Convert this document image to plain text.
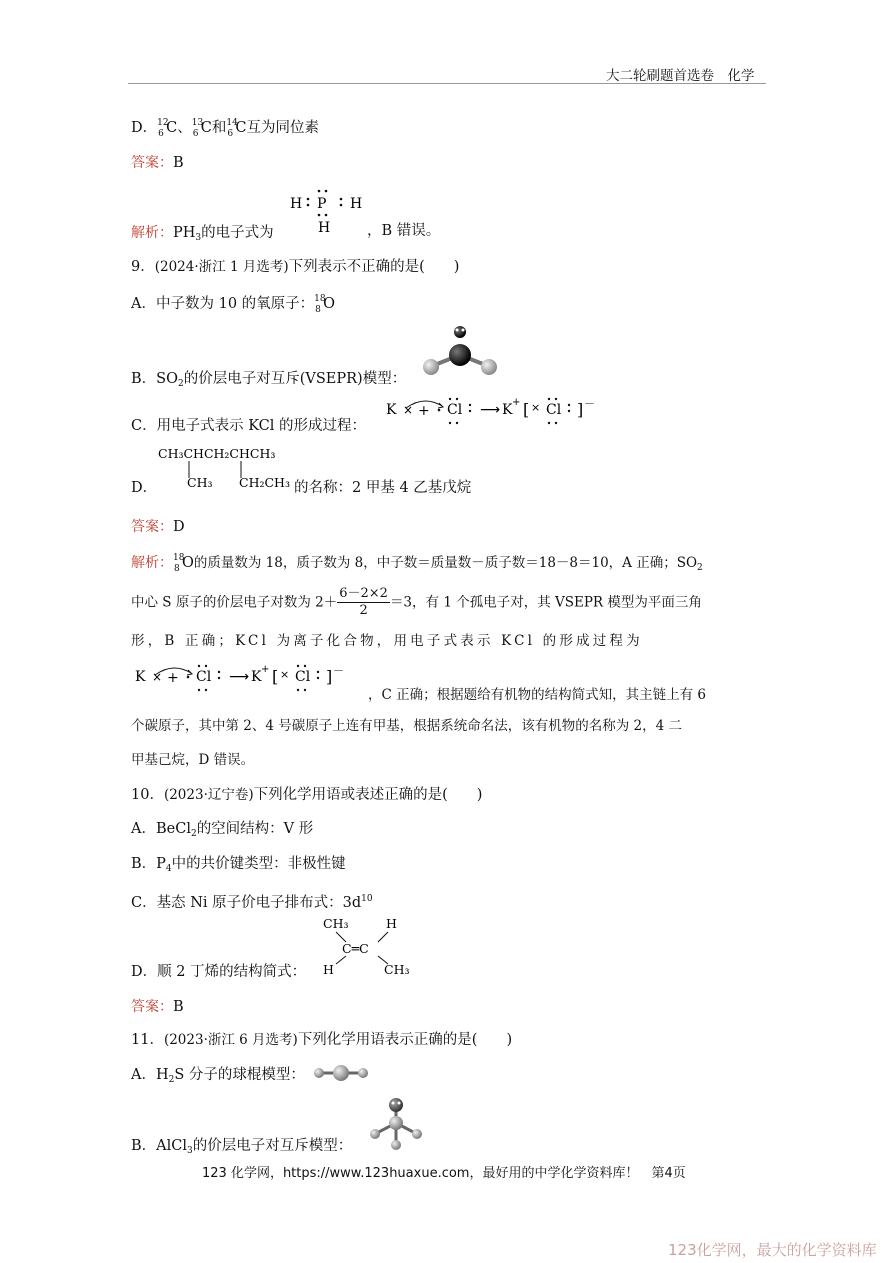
大二轮刷题首选卷　化学
D． 12
6 C、 13
6 C和 14
6 C互为同位素
答案：B
H P H
H
解析：$PH_3$的电子式为	，B 错误。
9．(2024·浙江 1 月选考)下列表示不正确的是(　　)
A．中子数为 10 的氧原子： 18
8 O
B．$SO_2$的价层电子对互斥(VSEPR)模型：
C．用电子式表示 KCl 的形成过程：
K × + Cl ⟶ K + [ × Cl ] －
CH₃CHCH₂CHCH₃
CH₃ CH₂CH₃
D．	的名称：2 甲基 4 乙基戊烷
答案：D
解析： 18
8 O的质量数为 18，质子数为 8，中子数＝质量数－质子数＝18－8＝10，A 正确；$SO_2$
中心 S 原子的价层电子对数为 $2+ \frac{6-2\times 2}{2} =3$，有 1 个孤电子对，其 VSEPR 模型为平面三角
形，B 正确；KCl 为离子化合物，用电子式表示 KCl 的形成过程为
K × + Cl ⟶ K + [ × Cl ] －
，C 正确；根据题给有机物的结构简式知，其主链上有 6
个碳原子，其中第 2、4 号碳原子上连有甲基，根据系统命名法，该有机物的名称为 2，4 二
甲基己烷，D 错误。
10．(2023·辽宁卷)下列化学用语或表述正确的是(　　)
A．BeCl$_2$的空间结构：V 形
B．$P_4$中的共价键类型：非极性键
C．基态 Ni 原子价电子排布式：$3d^{10}$
CH₃	H
C═C
H	CH₃
D．顺 2 丁烯的结构简式：
答案：B
11．(2023·浙江 6 月选考)下列化学用语表示正确的是(　　)
A．$H_2S$ 分子的球棍模型：
B．AlCl$_3$的价层电子对互斥模型：
123 化学网，https://www.123huaxue.com，最好用的中学化学资料库！　第4页
123化学网，最大的化学资料库
